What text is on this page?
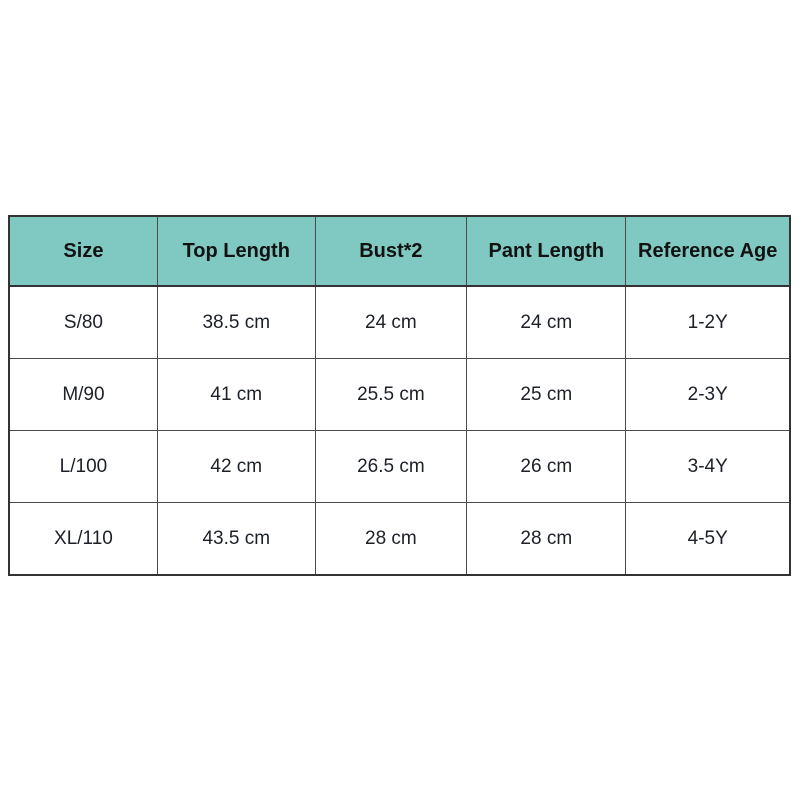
Size	Top Length	Bust*2	Pant Length	Reference Age
S/80	38.5 cm	24 cm	24 cm	1-2Y
M/90	41 cm	25.5 cm	25 cm	2-3Y
L/100	42 cm	26.5 cm	26 cm	3-4Y
XL/110	43.5 cm	28 cm	28 cm	4-5Y
